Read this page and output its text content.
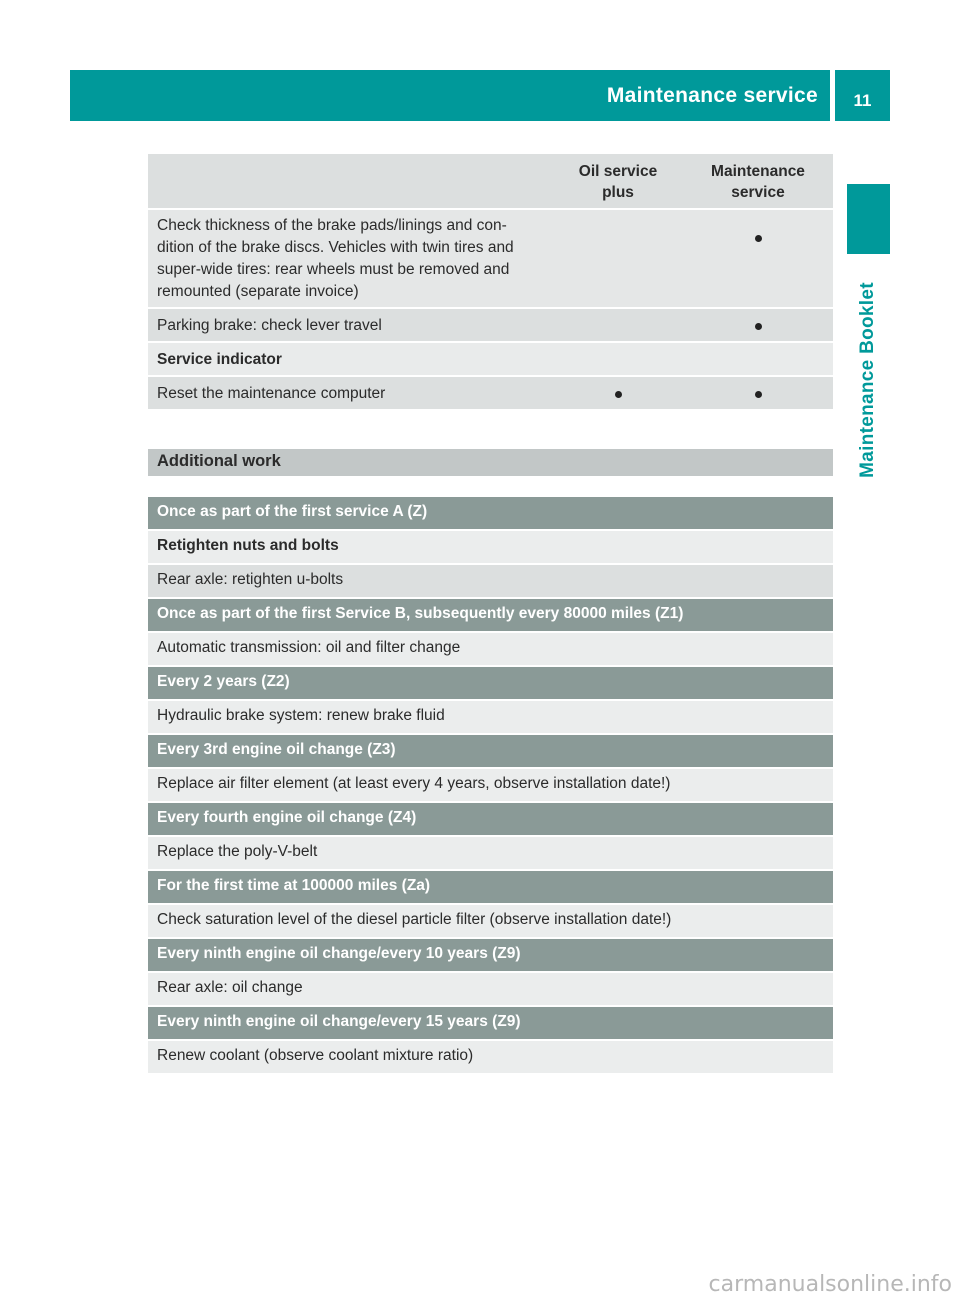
Maintenance service	11
Maintenance Booklet
Oil service
plus
Maintenance
service
Check thickness of the brake pads/linings and con-
dition of the brake discs. Vehicles with twin tires and
super-wide tires: rear wheels must be removed and
remounted (separate invoice)
Parking brake: check lever travel
Service indicator
Reset the maintenance computer
Additional work
Once as part of the first service A (Z)
Retighten nuts and bolts
Rear axle: retighten u-bolts
Once as part of the first Service B, subsequently every 80000 miles (Z1)
Automatic transmission: oil and filter change
Every 2 years (Z2)
Hydraulic brake system: renew brake fluid
Every 3rd engine oil change (Z3)
Replace air filter element (at least every 4 years, observe installation date!)
Every fourth engine oil change (Z4)
Replace the poly-V-belt
For the first time at 100000 miles (Za)
Check saturation level of the diesel particle filter (observe installation date!)
Every ninth engine oil change/every 10 years (Z9)
Rear axle: oil change
Every ninth engine oil change/every 15 years (Z9)
Renew coolant (observe coolant mixture ratio)
carmanualsonline.info
